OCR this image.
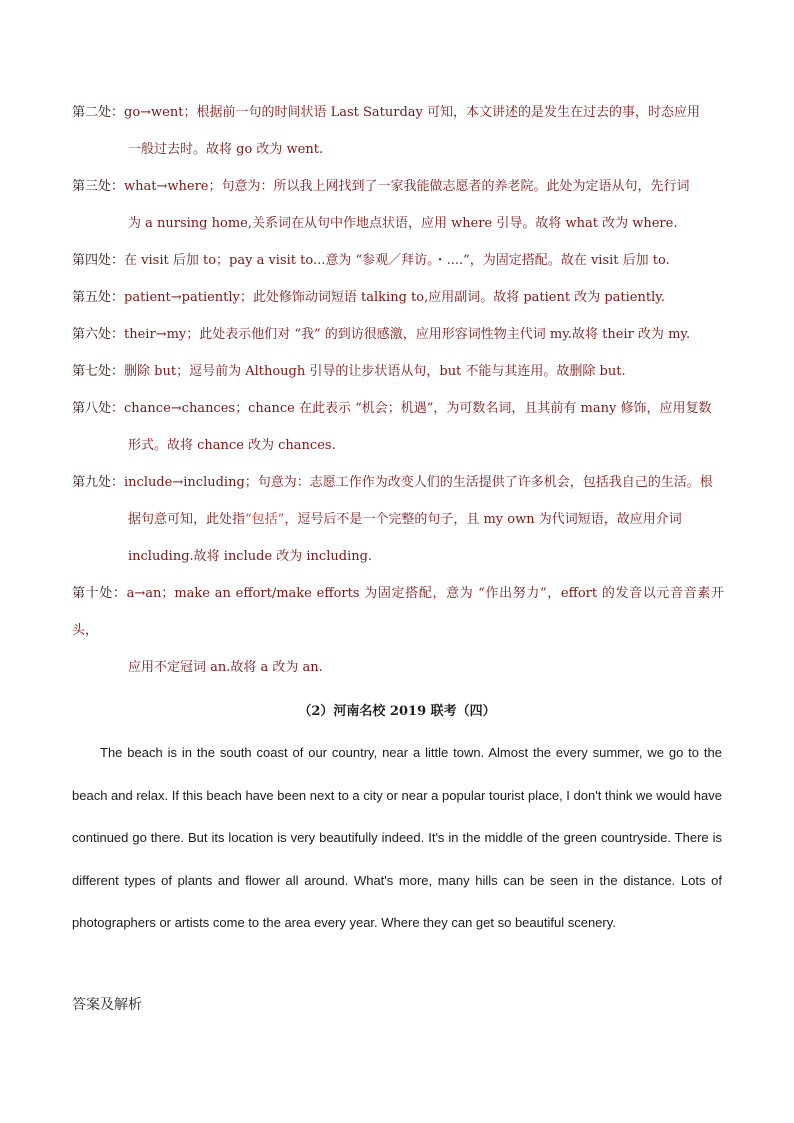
第二处：go→went；根据前一句的时间状语 Last Saturday 可知，本文讲述的是发生在过去的事，时态应用
一般过去时。故将 go 改为 went.
第三处：what→where；句意为：所以我上网找到了一家我能做志愿者的养老院。此处为定语从句，先行词
为 a nursing home,关系词在从句中作地点状语，应用 where 引导。故将 what 改为 where.
第四处：在 visit 后加 to；pay a visit to...意为 “参观／拜访。・....”，为固定搭配。故在 visit 后加 to.
第五处：patient→patiently；此处修饰动词短语 talking to,应用副词。故将 patient 改为 patiently.
第六处：their→my；此处表示他们对 “我” 的到访很感激，应用形容词性物主代词 my.故将 their 改为 my.
第七处：删除 but；逗号前为 Although 引导的让步状语从句，but 不能与其连用。故删除 but.
第八处：chance→chances；chance 在此表示 “机会；机遇”，为可数名词，且其前有 many 修饰，应用复数
形式。故将 chance 改为 chances.
第九处：include→including；句意为：志愿工作作为改变人们的生活提供了许多机会，包括我自己的生活。根
据句意可知，此处指“包括”，逗号后不是一个完整的句子，且 my own 为代词短语，故应用介词
including.故将 include 改为 including.
第十处：a→an；make an effort/make efforts 为固定搭配，意为 “作出努力”，effort 的发音以元音音素开头，
应用不定冠词 an.故将 a 改为 an.
（2）河南名校 2019 联考（四）
The beach is in the south coast of our country, near a little town. Almost the every summer, we go to the beach and relax. If this beach have been next to a city or near a popular tourist place, I don't think we would have continued go there. But its location is very beautifully indeed. It's in the middle of the green countryside. There is different types of plants and flower all around. What's more, many hills can be seen in the distance. Lots of photographers or artists come to the area every year. Where they can get so beautiful scenery.
答案及解析
